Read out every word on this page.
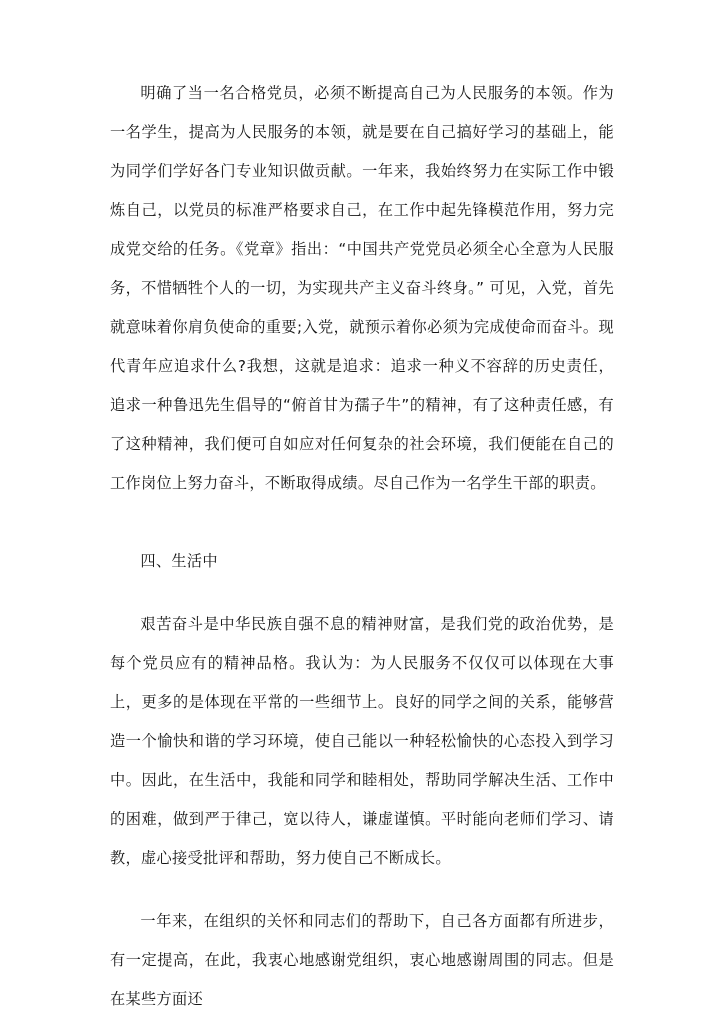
明确了当一名合格党员，必须不断提高自己为人民服务的本领。作为一名学生，提高为人民服务的本领，就是要在自己搞好学习的基础上，能为同学们学好各门专业知识做贡献。一年来，我始终努力在实际工作中锻炼自己，以党员的标准严格要求自己，在工作中起先锋模范作用，努力完成党交给的任务。《党章》指出：“中国共产党党员必须全心全意为人民服务，不惜牺牲个人的一切，为实现共产主义奋斗终身。” 可见，入党，首先就意味着你肩负使命的重要;入党，就预示着你必须为完成使命而奋斗。现代青年应追求什么?我想，这就是追求：追求一种义不容辞的历史责任，追求一种鲁迅先生倡导的“俯首甘为孺子牛”的精神，有了这种责任感，有了这种精神，我们便可自如应对任何复杂的社会环境，我们便能在自己的工作岗位上努力奋斗，不断取得成绩。尽自己作为一名学生干部的职责。

四、生活中

艰苦奋斗是中华民族自强不息的精神财富，是我们党的政治优势，是每个党员应有的精神品格。我认为：为人民服务不仅仅可以体现在大事上，更多的是体现在平常的一些细节上。良好的同学之间的关系，能够营造一个愉快和谐的学习环境，使自己能以一种轻松愉快的心态投入到学习中。因此，在生活中，我能和同学和睦相处，帮助同学解决生活、工作中的困难，做到严于律己，宽以待人，谦虚谨慎。平时能向老师们学习、请教，虚心接受批评和帮助，努力使自己不断成长。

一年来，在组织的关怀和同志们的帮助下，自己各方面都有所进步，有一定提高，在此，我衷心地感谢党组织，衷心地感谢周围的同志。但是在某些方面还
